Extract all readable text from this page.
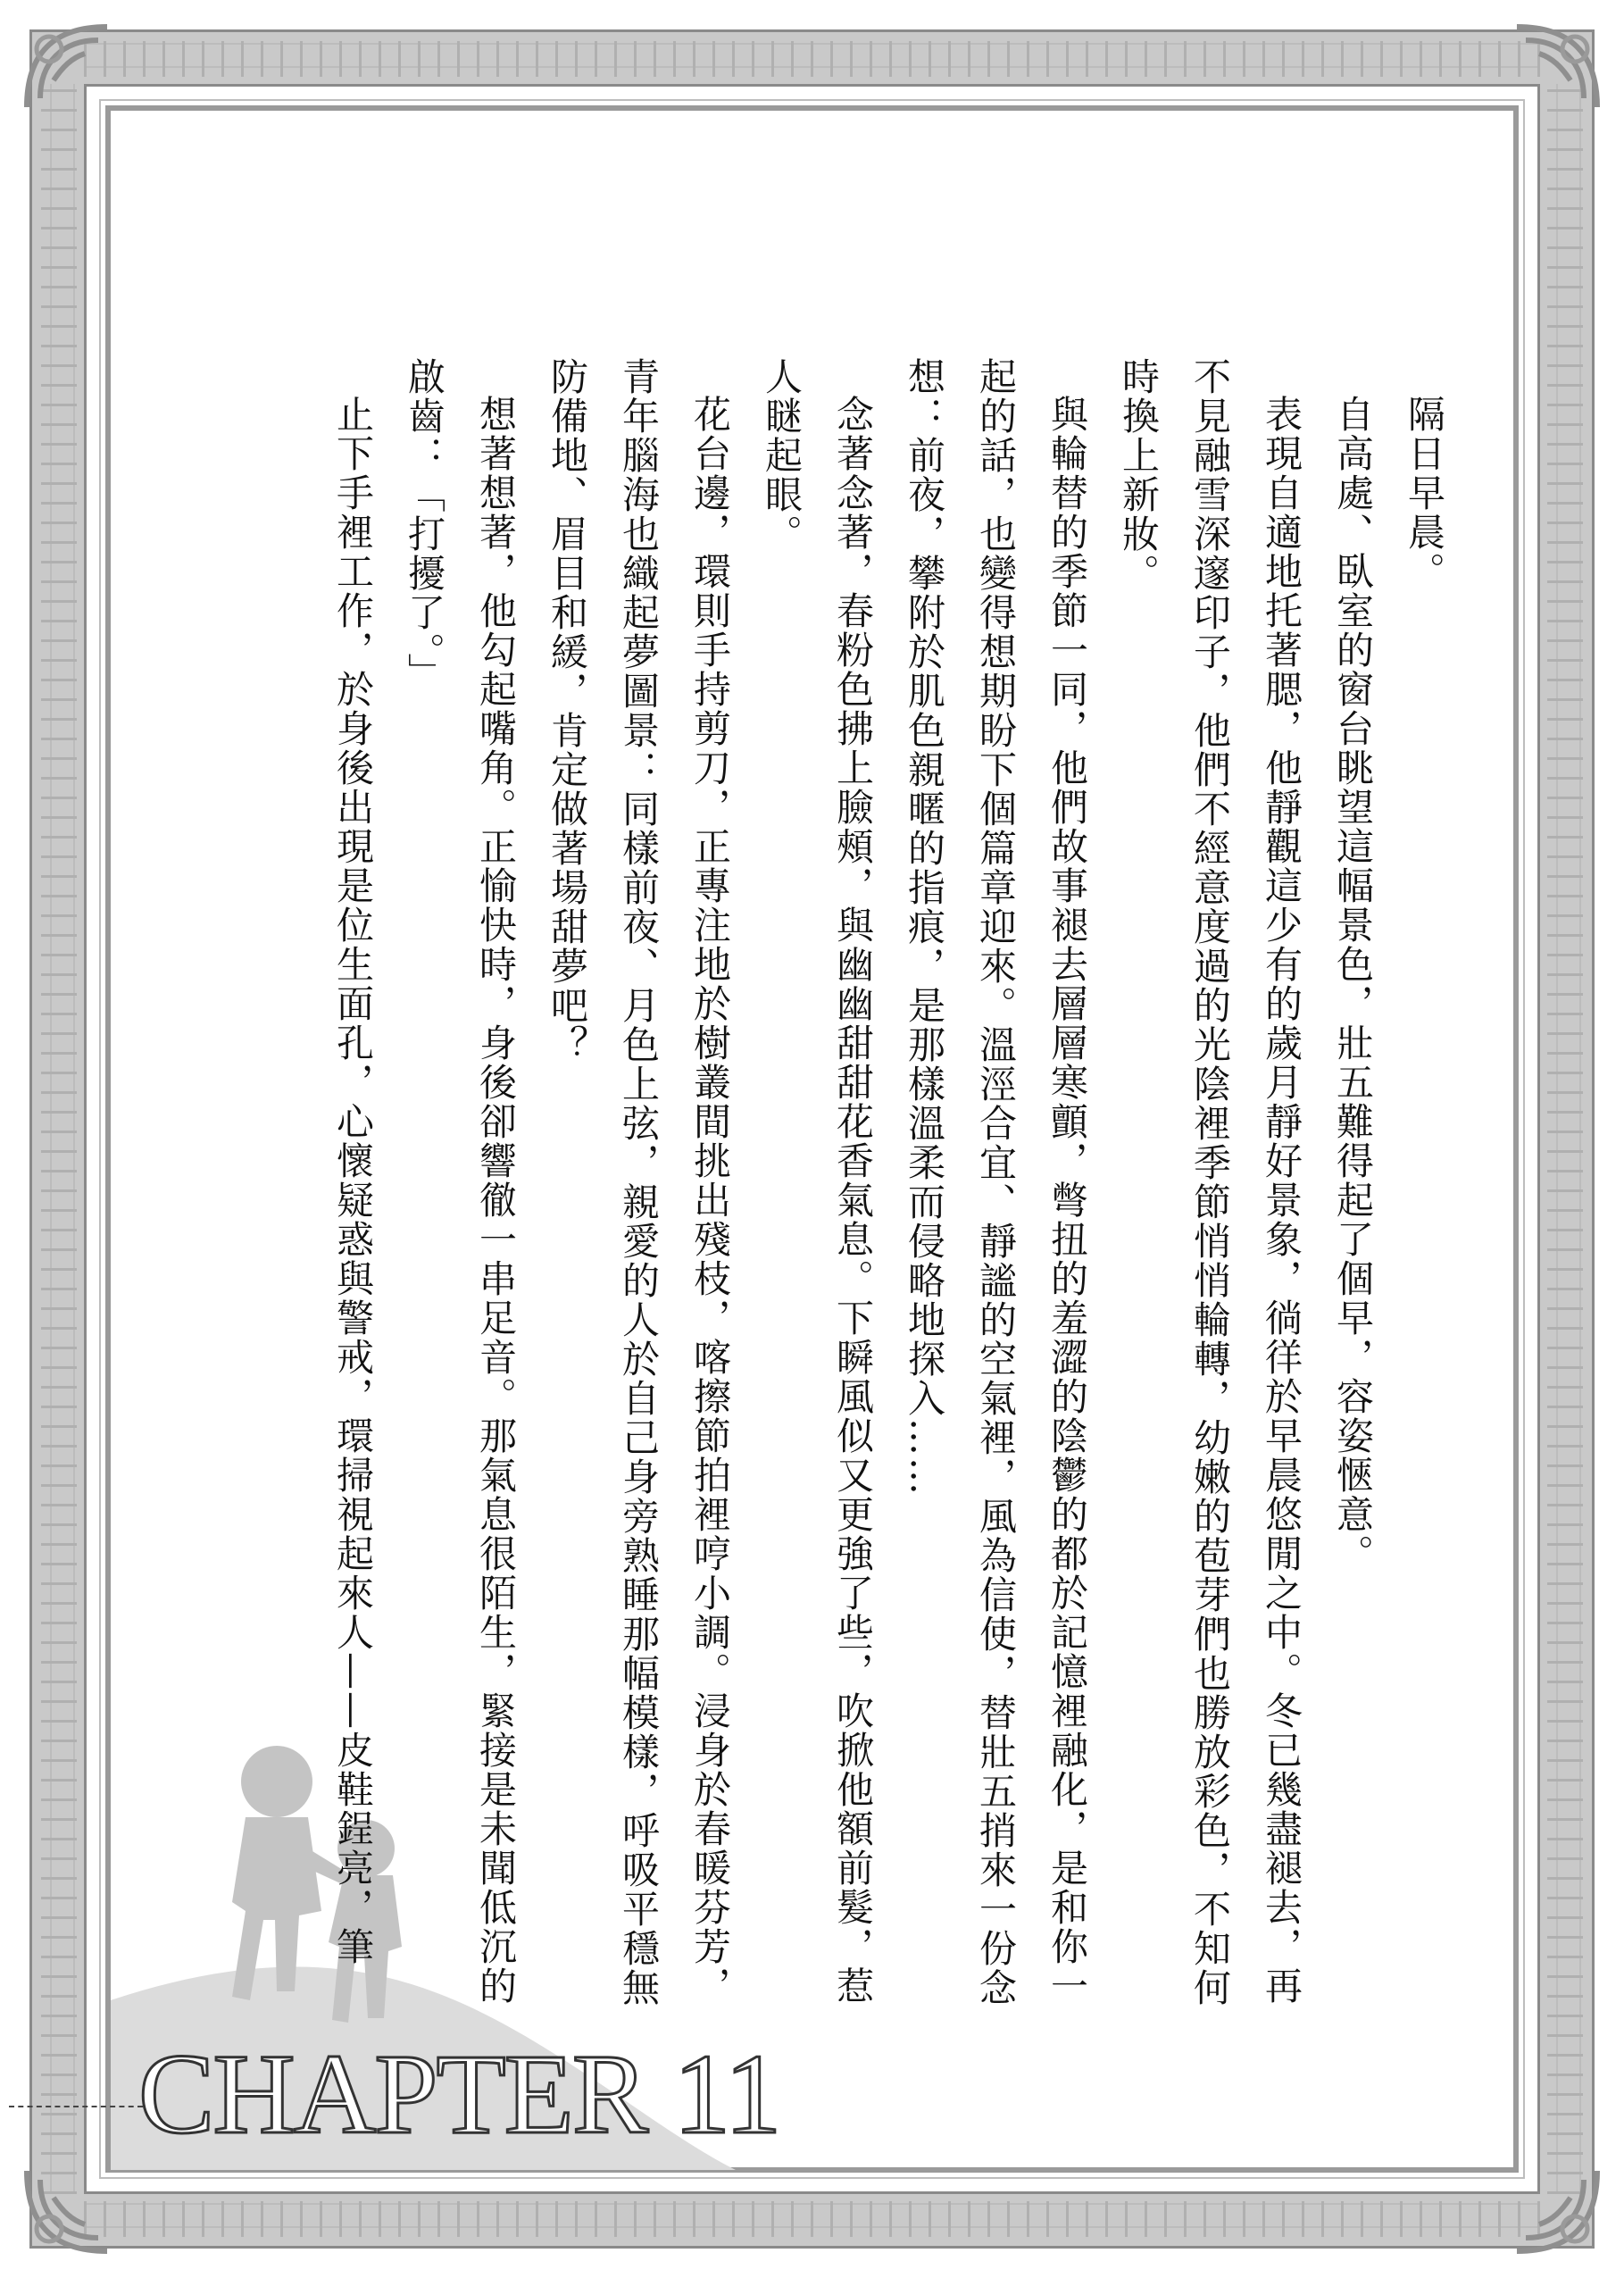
隔日早晨。

自高處、臥室的窗台眺望這幅景色，壯五難得起了個早，容姿愜意。

表現自適地托著腮，他靜觀這少有的歲月靜好景象，徜徉於早晨悠閒之中。冬已幾盡褪去，再不見融雪深邃印子，他們不經意度過的光陰裡季節悄悄輪轉，幼嫩的苞芽們也勝放彩色，不知何時換上新妝。

與輪替的季節一同，他們故事褪去層層寒顫，彆扭的羞澀的陰鬱的都於記憶裡融化，是和你一起的話，也變得想期盼下個篇章迎來。溫涇合宜、靜謐的空氣裡，風為信使，替壯五捎來一份念想：前夜，攀附於肌色親暱的指痕，是那樣溫柔而侵略地探入……

念著念著，春粉色拂上臉頰，與幽幽甜甜花香氣息。下瞬風似又更強了些，吹掀他額前髮，惹人瞇起眼。

花台邊，環則手持剪刀，正專注地於樹叢間挑出殘枝，喀擦節拍裡哼小調。浸身於春暖芬芳，青年腦海也織起夢圖景：同樣前夜、月色上弦，親愛的人於自己身旁熟睡那幅模樣，呼吸平穩無防備地、眉目和緩，肯定做著場甜夢吧？

想著想著，他勾起嘴角。正愉快時，身後卻響徹一串足音。那氣息很陌生，緊接是未聞低沉的啟齒：「打擾了。」

止下手裡工作，於身後出現是位生面孔，心懷疑惑與警戒，環掃視起來人——皮鞋鋥亮，筆

CHAPTER 11
